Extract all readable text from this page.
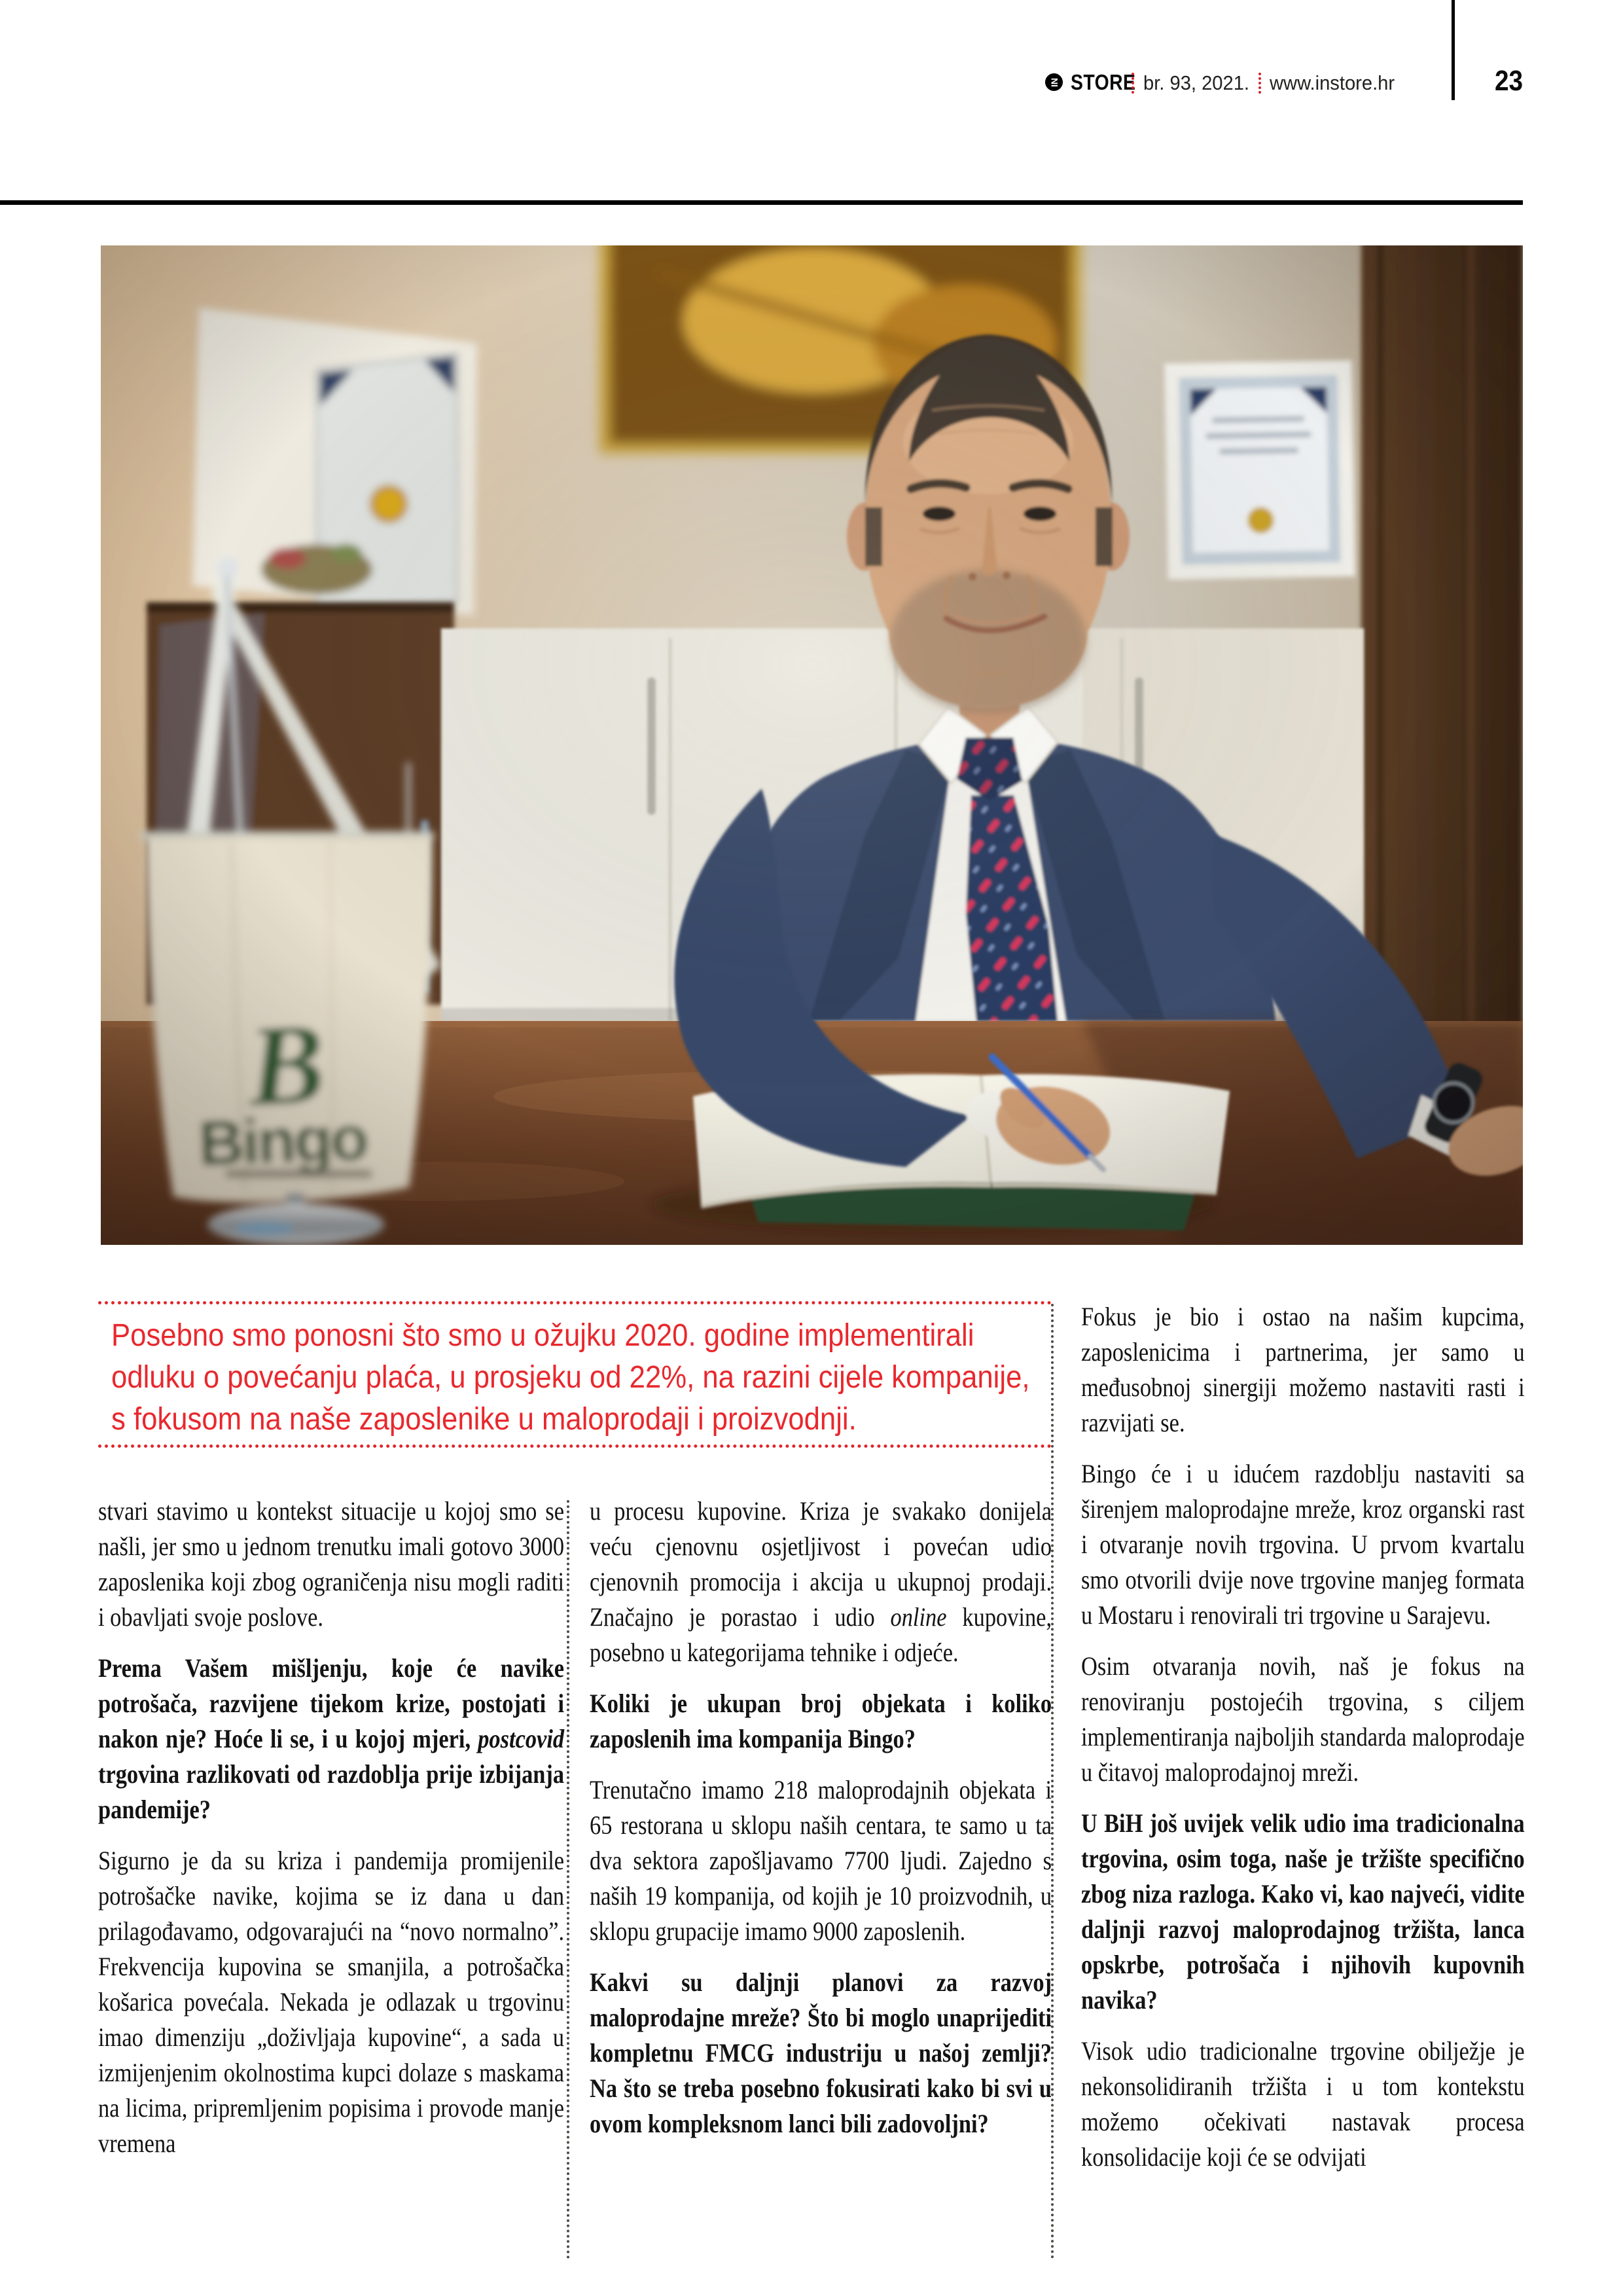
IN STORE br. 93, 2021. www.instore.hr	23
Posebno smo ponosni što smo u ožujku 2020. godine implementirali odluku o povećanju plaća, u prosjeku od 22%, na razini cijele kompanije, s fokusom na naše zaposlenike u maloprodaji i proizvodnji.

stvari stavimo u kontekst situacije u kojoj smo se našli, jer smo u jednom trenutku imali gotovo 3000 zaposlenika koji zbog ograničenja nisu mogli raditi i obavljati svoje poslove.

Prema Vašem mišljenju, koje će navike potrošača, razvijene tijekom krize, postojati i nakon nje? Hoće li se, i u kojoj mjeri, postcovid trgovina razlikovati od razdoblja prije izbijanja pandemije?

Sigurno je da su kriza i pandemija promijenile potrošačke navike, kojima se iz dana u dan prilagođavamo, odgovarajući na “novo normalno”. Frekvencija kupovina se smanjila, a potrošačka košarica povećala. Nekada je odlazak u trgovinu imao dimenziju „doživljaja kupovine“, a sada u izmijenjenim okolnostima kupci dolaze s maskama na licima, pripremljenim popisima i provode manje vremena

u procesu kupovine. Kriza je svakako donijela veću cjenovnu osjetljivost i povećan udio cjenovnih promocija i akcija u ukupnoj prodaji. Značajno je porastao i udio online kupovine, posebno u kategorijama tehnike i odjeće.

Koliki je ukupan broj objekata i koliko zaposlenih ima kompanija Bingo?

Trenutačno imamo 218 maloprodajnih objekata i 65 restorana u sklopu naših centara, te samo u ta dva sektora zapošljavamo 7700 ljudi. Zajedno s naših 19 kompanija, od kojih je 10 proizvodnih, u sklopu grupacije imamo 9000 zaposlenih.

Kakvi su daljnji planovi za razvoj maloprodajne mreže? Što bi moglo unaprijediti kompletnu FMCG industriju u našoj zemlji? Na što se treba posebno fokusirati kako bi svi u ovom kompleksnom lanci bili zadovoljni?

Fokus je bio i ostao na našim kupcima, zaposlenicima i partnerima, jer samo u međusobnoj sinergiji možemo nastaviti rasti i razvijati se.

Bingo će i u idućem razdoblju nastaviti sa širenjem maloprodajne mreže, kroz organski rast i otvaranje novih trgovina. U prvom kvartalu smo otvorili dvije nove trgovine manjeg formata u Mostaru i renovirali tri trgovine u Sarajevu.

Osim otvaranja novih, naš je fokus na renoviranju postojećih trgovina, s ciljem implementiranja najboljih standarda maloprodaje u čitavoj maloprodajnoj mreži.

U BiH još uvijek velik udio ima tradicionalna trgovina, osim toga, naše je tržište specifično zbog niza razloga. Kako vi, kao najveći, vidite daljnji razvoj maloprodajnog tržišta, lanca opskrbe, potrošača i njihovih kupovnih navika?

Visok udio tradicionalne trgovine obilježje je nekonsolidiranih tržišta i u tom kontekstu možemo očekivati nastavak procesa konsolidacije koji će se odvijati
